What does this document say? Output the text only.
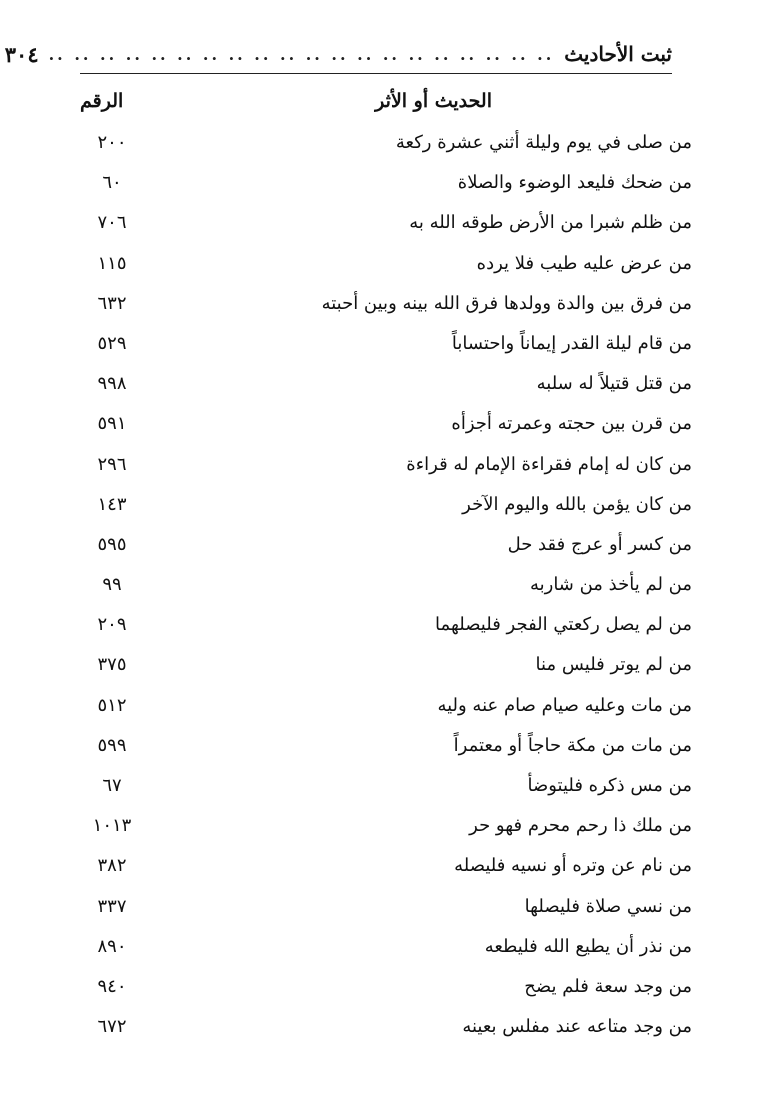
ثبت الأحاديث
.. .. .. .. .. .. .. .. .. .. .. .. .. .. .. .. .. .. .. ..
٣٠٤
الحديث أو الأثر
الرقم
من صلى في يوم وليلة أثني عشرة ركعة
٢٠٠
من ضحك فليعد الوضوء والصلاة
٦٠
من ظلم شبرا من الأرض طوقه الله به
٧٠٦
من عرض عليه طيب فلا يرده
١١٥
من فرق بين والدة وولدها فرق الله بينه وبين أحبته
٦٣٢
من قام ليلة القدر إيماناً واحتساباً
٥٢٩
من قتل قتيلاً له سلبه
٩٩٨
من قرن بين حجته وعمرته أجزأه
٥٩١
من كان له إمام فقراءة الإمام له قراءة
٢٩٦
من كان يؤمن بالله واليوم الآخر
١٤٣
من كسر أو عرج فقد حل
٥٩٥
من لم يأخذ من شاربه
٩٩
من لم يصل ركعتي الفجر فليصلهما
٢٠٩
من لم يوتر فليس منا
٣٧٥
من مات وعليه صيام صام عنه وليه
٥١٢
من مات من مكة حاجاً أو معتمراً
٥٩٩
من مس ذكره فليتوضأ
٦٧
من ملك ذا رحم محرم فهو حر
١٠١٣
من نام عن وتره أو نسيه فليصله
٣٨٢
من نسي صلاة فليصلها
٣٣٧
من نذر أن يطيع الله فليطعه
٨٩٠
من وجد سعة فلم يضح
٩٤٠
من وجد متاعه عند مفلس بعينه
٦٧٢
